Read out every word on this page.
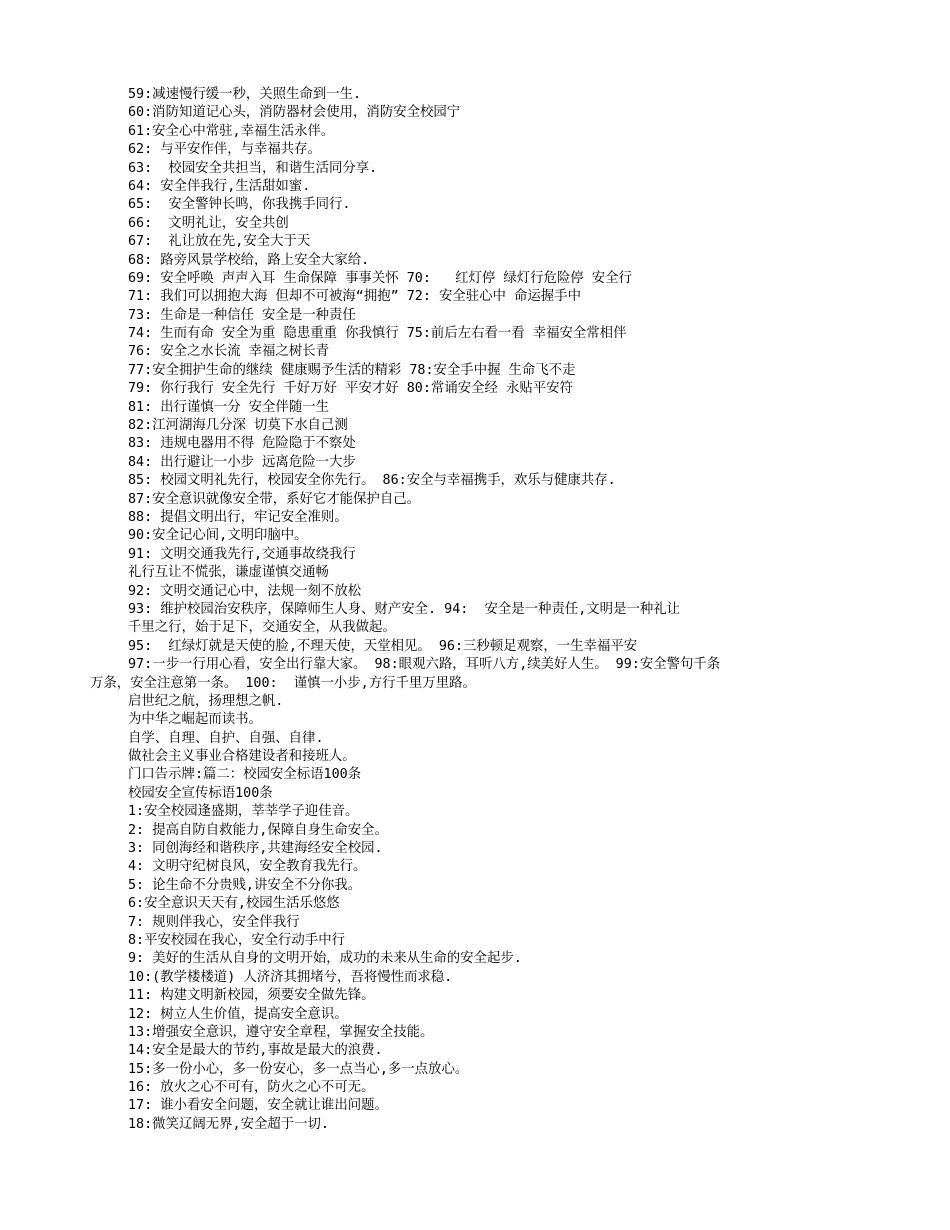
59:减速慢行缓一秒，关照生命到一生.
60:消防知道记心头，消防器材会使用，消防安全校园宁
61:安全心中常驻,幸福生活永伴。
62: 与平安作伴，与幸福共存。
63:  校园安全共担当，和谐生活同分享.
64: 安全伴我行,生活甜如蜜.
65:  安全警钟长鸣，你我携手同行.
66:  文明礼让，安全共创
67:  礼让放在先,安全大于天
68: 路旁风景学校给，路上安全大家给.
69: 安全呼唤 声声入耳 生命保障 事事关怀 70:   红灯停 绿灯行危险停 安全行
71: 我们可以拥抱大海 但却不可被海“拥抱” 72: 安全驻心中 命运握手中
73: 生命是一种信任 安全是一种责任
74: 生而有命 安全为重 隐患重重 你我慎行 75:前后左右看一看 幸福安全常相伴
76: 安全之水长流 幸福之树长青
77:安全拥护生命的继续 健康赐予生活的精彩 78:安全手中握 生命飞不走
79: 你行我行 安全先行 千好万好 平安才好 80:常诵安全经 永贴平安符
81: 出行谨慎一分 安全伴随一生
82:江河湖海几分深 切莫下水自己测
83: 违规电器用不得 危险隐于不察处
84: 出行避让一小步 远离危险一大步
85: 校园文明礼先行，校园安全你先行。 86:安全与幸福携手，欢乐与健康共存.
87:安全意识就像安全带，系好它才能保护自己。
88: 提倡文明出行，牢记安全准则。
90:安全记心间,文明印脑中。
91: 文明交通我先行,交通事故绕我行
礼行互让不慌张，谦虚谨慎交通畅
92: 文明交通记心中，法规一刻不放松
93: 维护校园治安秩序，保障师生人身、财产安全. 94:  安全是一种责任,文明是一种礼让
千里之行，始于足下，交通安全，从我做起。
95:  红绿灯就是天使的脸,不理天使，天堂相见。 96:三秒顿足观察，一生幸福平安
97:一步一行用心看，安全出行靠大家。 98:眼观六路，耳听八方,续美好人生。 99:安全警句千条
万条，安全注意第一条。 100:  谨慎一小步,方行千里万里路。
启世纪之航，扬理想之帆.
为中华之崛起而读书。
自学、自理、自护、自强、自律.
做社会主义事业合格建设者和接班人。
门口告示牌:篇二：校园安全标语100条
校园安全宣传标语100条
1:安全校园逢盛期，莘莘学子迎佳音。
2: 提高自防自救能力,保障自身生命安全。
3: 同创海经和谐秩序,共建海经安全校园.
4: 文明守纪树良风，安全教育我先行。
5: 论生命不分贵贱,讲安全不分你我。
6:安全意识天天有,校园生活乐悠悠
7: 规则伴我心，安全伴我行
8:平安校园在我心，安全行动手中行
9: 美好的生活从自身的文明开始，成功的未来从生命的安全起步.
10:(教学楼楼道) 人济济其拥堵兮，吾将慢性而求稳.
11: 构建文明新校园，须要安全做先锋。
12: 树立人生价值，提高安全意识。
13:增强安全意识，遵守安全章程，掌握安全技能。
14:安全是最大的节约,事故是最大的浪费.
15:多一份小心，多一份安心，多一点当心,多一点放心。
16: 放火之心不可有，防火之心不可无。
17: 谁小看安全问题，安全就让谁出问题。
18:微笑辽阔无界,安全超于一切.
